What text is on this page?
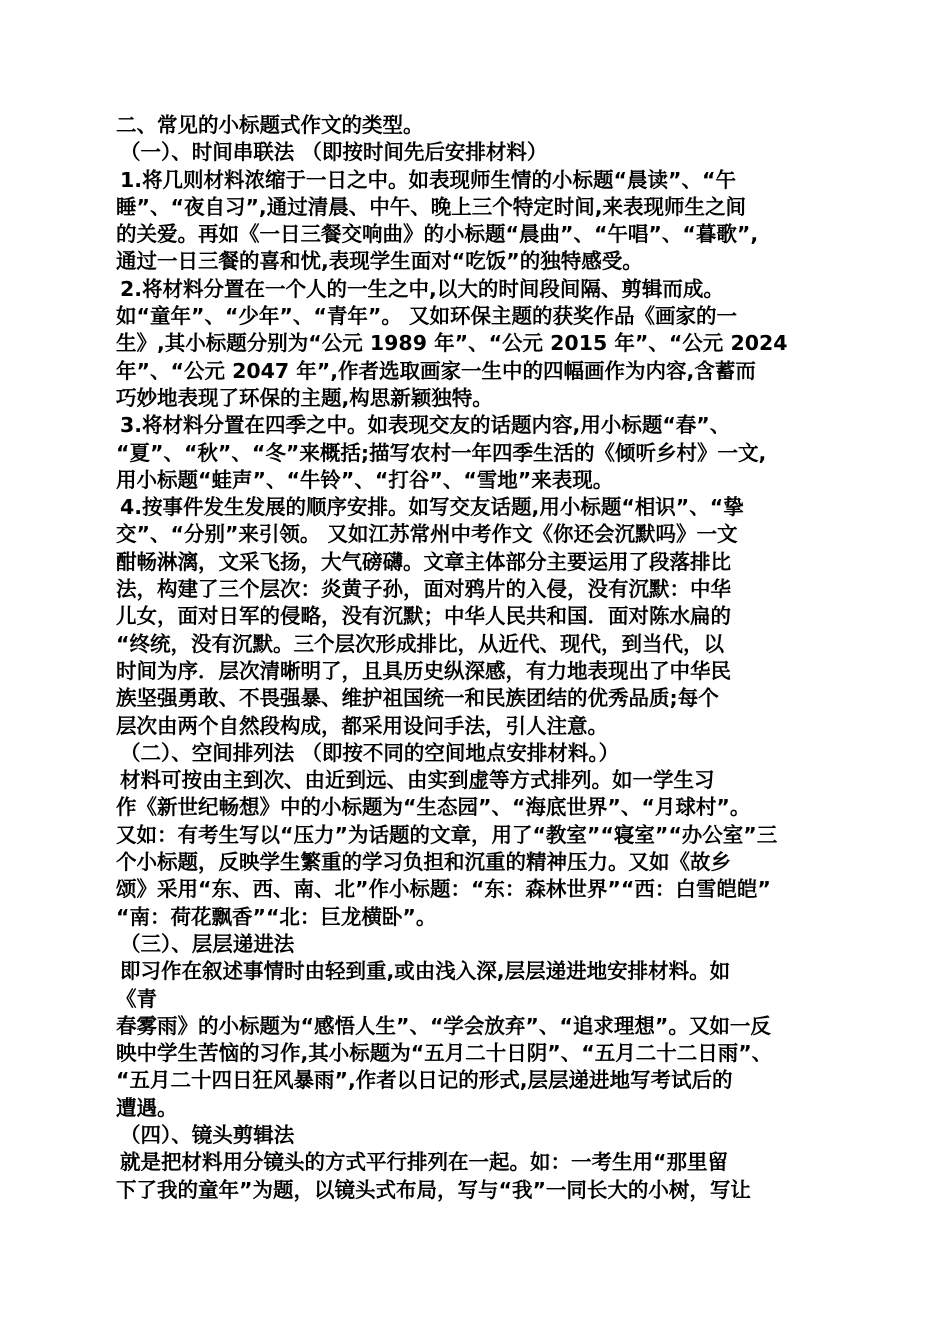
二、常见的小标题式作文的类型。
（一）、时间串联法 （即按时间先后安排材料）
1.将几则材料浓缩于一日之中。如表现师生情的小标题“晨读”、“午
睡”、“夜自习”,通过清晨、中午、晚上三个特定时间,来表现师生之间
的关爱。再如《一日三餐交响曲》的小标题“晨曲”、“午唱”、“暮歌”,
通过一日三餐的喜和忧,表现学生面对“吃饭”的独特感受。
2.将材料分置在一个人的一生之中,以大的时间段间隔、剪辑而成。
如“童年”、“少年”、“青年”。 又如环保主题的获奖作品《画家的一
生》,其小标题分别为“公元 1989 年”、“公元 2015 年”、“公元 2024
年”、“公元 2047 年”,作者选取画家一生中的四幅画作为内容,含蓄而
巧妙地表现了环保的主题,构思新颖独特。
3.将材料分置在四季之中。如表现交友的话题内容,用小标题“春”、
“夏”、“秋”、“冬”来概括;描写农村一年四季生活的《倾听乡村》一文,
用小标题“蛙声”、“牛铃”、“打谷”、“雪地”来表现。
4.按事件发生发展的顺序安排。如写交友话题,用小标题“相识”、“挚
交”、“分别”来引领。 又如江苏常州中考作文《你还会沉默吗》一文
酣畅淋漓，文采飞扬，大气磅礴。文章主体部分主要运用了段落排比
法，构建了三个层次：炎黄子孙，面对鸦片的入侵，没有沉默：中华
儿女，面对日军的侵略，没有沉默；中华人民共和国．面对陈水扁的
“终统，没有沉默。三个层次形成排比，从近代、现代，到当代，以
时间为序．层次清晰明了，且具历史纵深感，有力地表现出了中华民
族坚强勇敢、不畏强暴、维护祖国统一和民族团结的优秀品质;每个
层次由两个自然段构成，都采用设问手法，引人注意。
（二）、空间排列法 （即按不同的空间地点安排材料。）
材料可按由主到次、由近到远、由实到虚等方式排列。如一学生习
作《新世纪畅想》中的小标题为“生态园”、“海底世界”、“月球村”。
又如：有考生写以“压力”为话题的文章，用了“教室”“寝室”“办公室”三
个小标题，反映学生繁重的学习负担和沉重的精神压力。又如《故乡
颂》采用“东、西、南、北”作小标题：“东：森林世界”“西：白雪皑皑”
“南：荷花飘香”“北：巨龙横卧”。
（三）、层层递进法
即习作在叙述事情时由轻到重,或由浅入深,层层递进地安排材料。如
《青
春雾雨》的小标题为“感悟人生”、“学会放弃”、“追求理想”。又如一反
映中学生苦恼的习作,其小标题为“五月二十日阴”、“五月二十二日雨”、
“五月二十四日狂风暴雨”,作者以日记的形式,层层递进地写考试后的
遭遇。
（四）、镜头剪辑法
就是把材料用分镜头的方式平行排列在一起。如：一考生用“那里留
下了我的童年”为题，以镜头式布局，写与“我”一同长大的小树，写让
